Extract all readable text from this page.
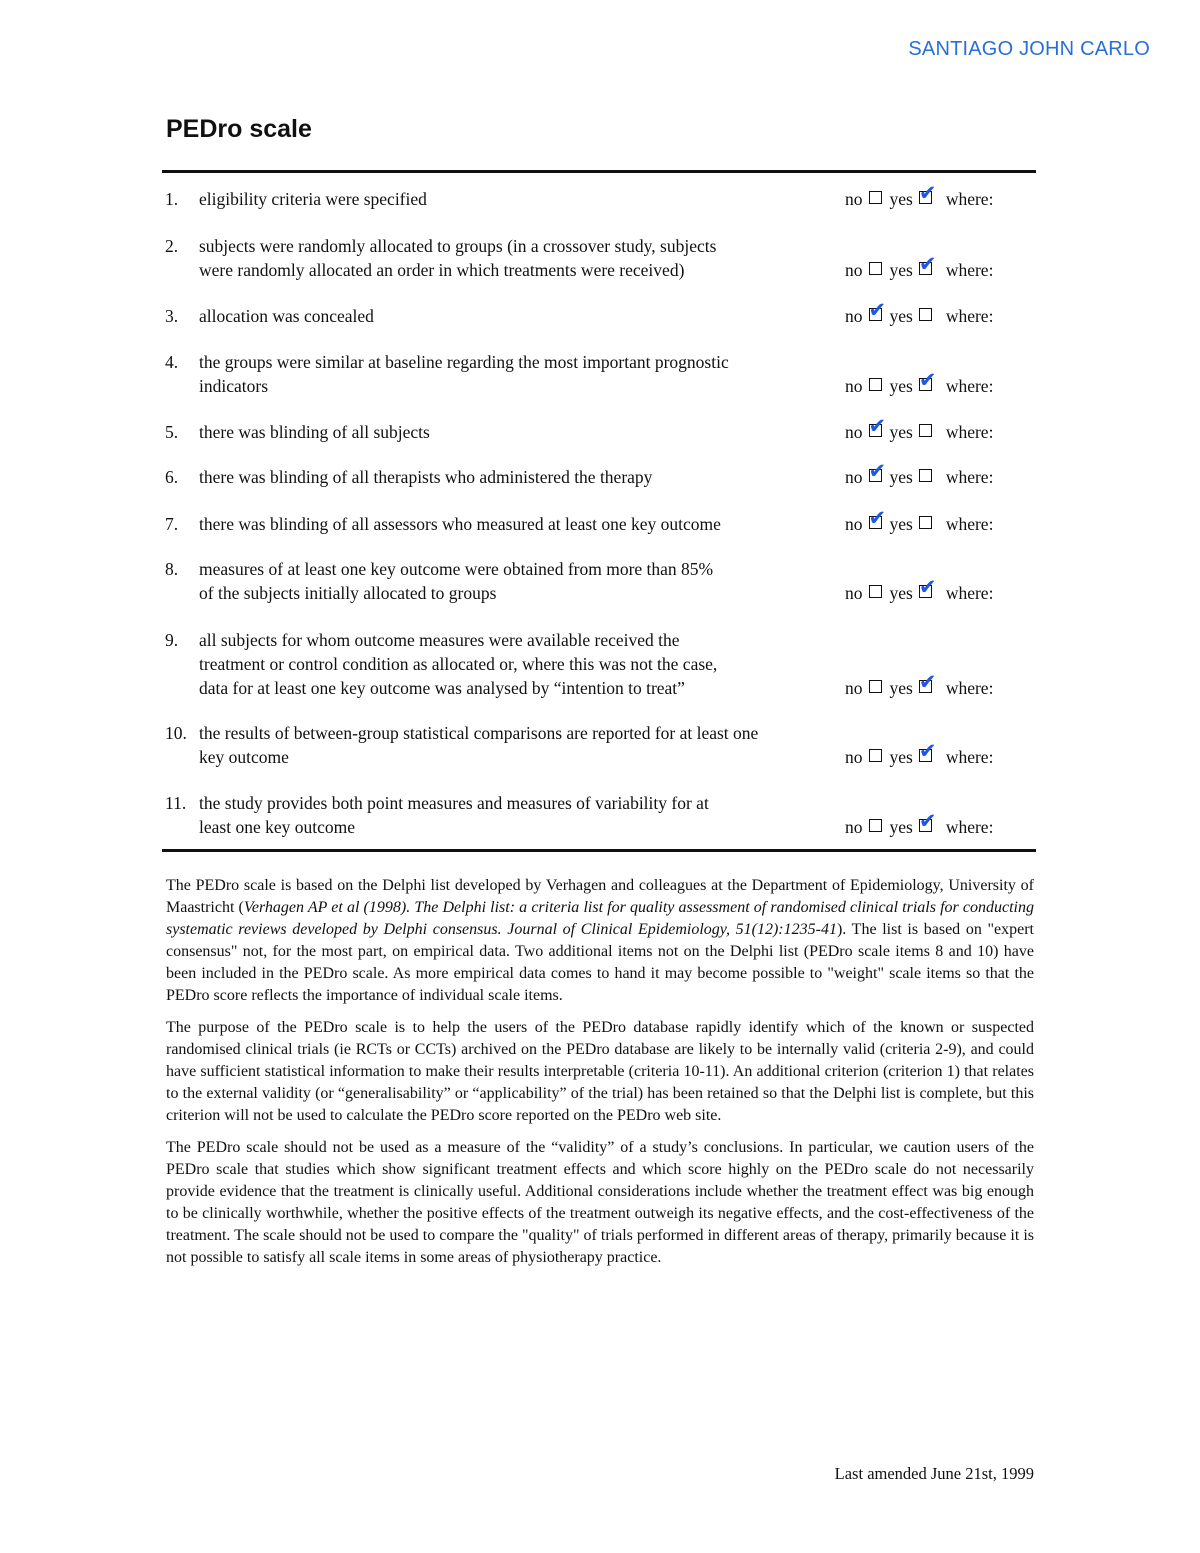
SANTIAGO JOHN CARLO
PEDro scale
1.	eligibility criteria were specified	no yes ✔ where:
2.	subjects were randomly allocated to groups (in a crossover study, subjects
were randomly allocated an order in which treatments were received)	no yes ✔ where:
3.	allocation was concealed	no ✔ yes where:
4.	the groups were similar at baseline regarding the most important prognostic
indicators	no yes ✔ where:
5.	there was blinding of all subjects	no ✔ yes where:
6.	there was blinding of all therapists who administered the therapy	no ✔ yes where:
7.	there was blinding of all assessors who measured at least one key outcome	no ✔ yes where:
8.	measures of at least one key outcome were obtained from more than 85%
of the subjects initially allocated to groups	no yes ✔ where:
9.	all subjects for whom outcome measures were available received the
treatment or control condition as allocated or, where this was not the case,
data for at least one key outcome was analysed by “intention to treat”	no yes ✔ where:
10. the results of between-group statistical comparisons are reported for at least one
key outcome	no yes ✔ where:
11. the study provides both point measures and measures of variability for at
least one key outcome	no yes ✔ where:

The PEDro scale is based on the Delphi list developed by Verhagen and colleagues at the Department of Epidemiology, University of Maastricht (Verhagen AP et al (1998). The Delphi list: a criteria list for quality assessment of randomised clinical trials for conducting systematic reviews developed by Delphi consensus. Journal of Clinical Epidemiology, 51(12):1235-41). The list is based on "expert consensus" not, for the most part, on empirical data. Two additional items not on the Delphi list (PEDro scale items 8 and 10) have been included in the PEDro scale. As more empirical data comes to hand it may become possible to "weight" scale items so that the PEDro score reflects the importance of individual scale items.

The purpose of the PEDro scale is to help the users of the PEDro database rapidly identify which of the known or suspected randomised clinical trials (ie RCTs or CCTs) archived on the PEDro database are likely to be internally valid (criteria 2-9), and could have sufficient statistical information to make their results interpretable (criteria 10-11). An additional criterion (criterion 1) that relates to the external validity (or “generalisability” or “applicability” of the trial) has been retained so that the Delphi list is complete, but this criterion will not be used to calculate the PEDro score reported on the PEDro web site.

The PEDro scale should not be used as a measure of the “validity” of a study’s conclusions. In particular, we caution users of the PEDro scale that studies which show significant treatment effects and which score highly on the PEDro scale do not necessarily provide evidence that the treatment is clinically useful. Additional considerations include whether the treatment effect was big enough to be clinically worthwhile, whether the positive effects of the treatment outweigh its negative effects, and the cost-effectiveness of the treatment. The scale should not be used to compare the "quality" of trials performed in different areas of therapy, primarily because it is not possible to satisfy all scale items in some areas of physiotherapy practice.

Last amended June 21st, 1999
